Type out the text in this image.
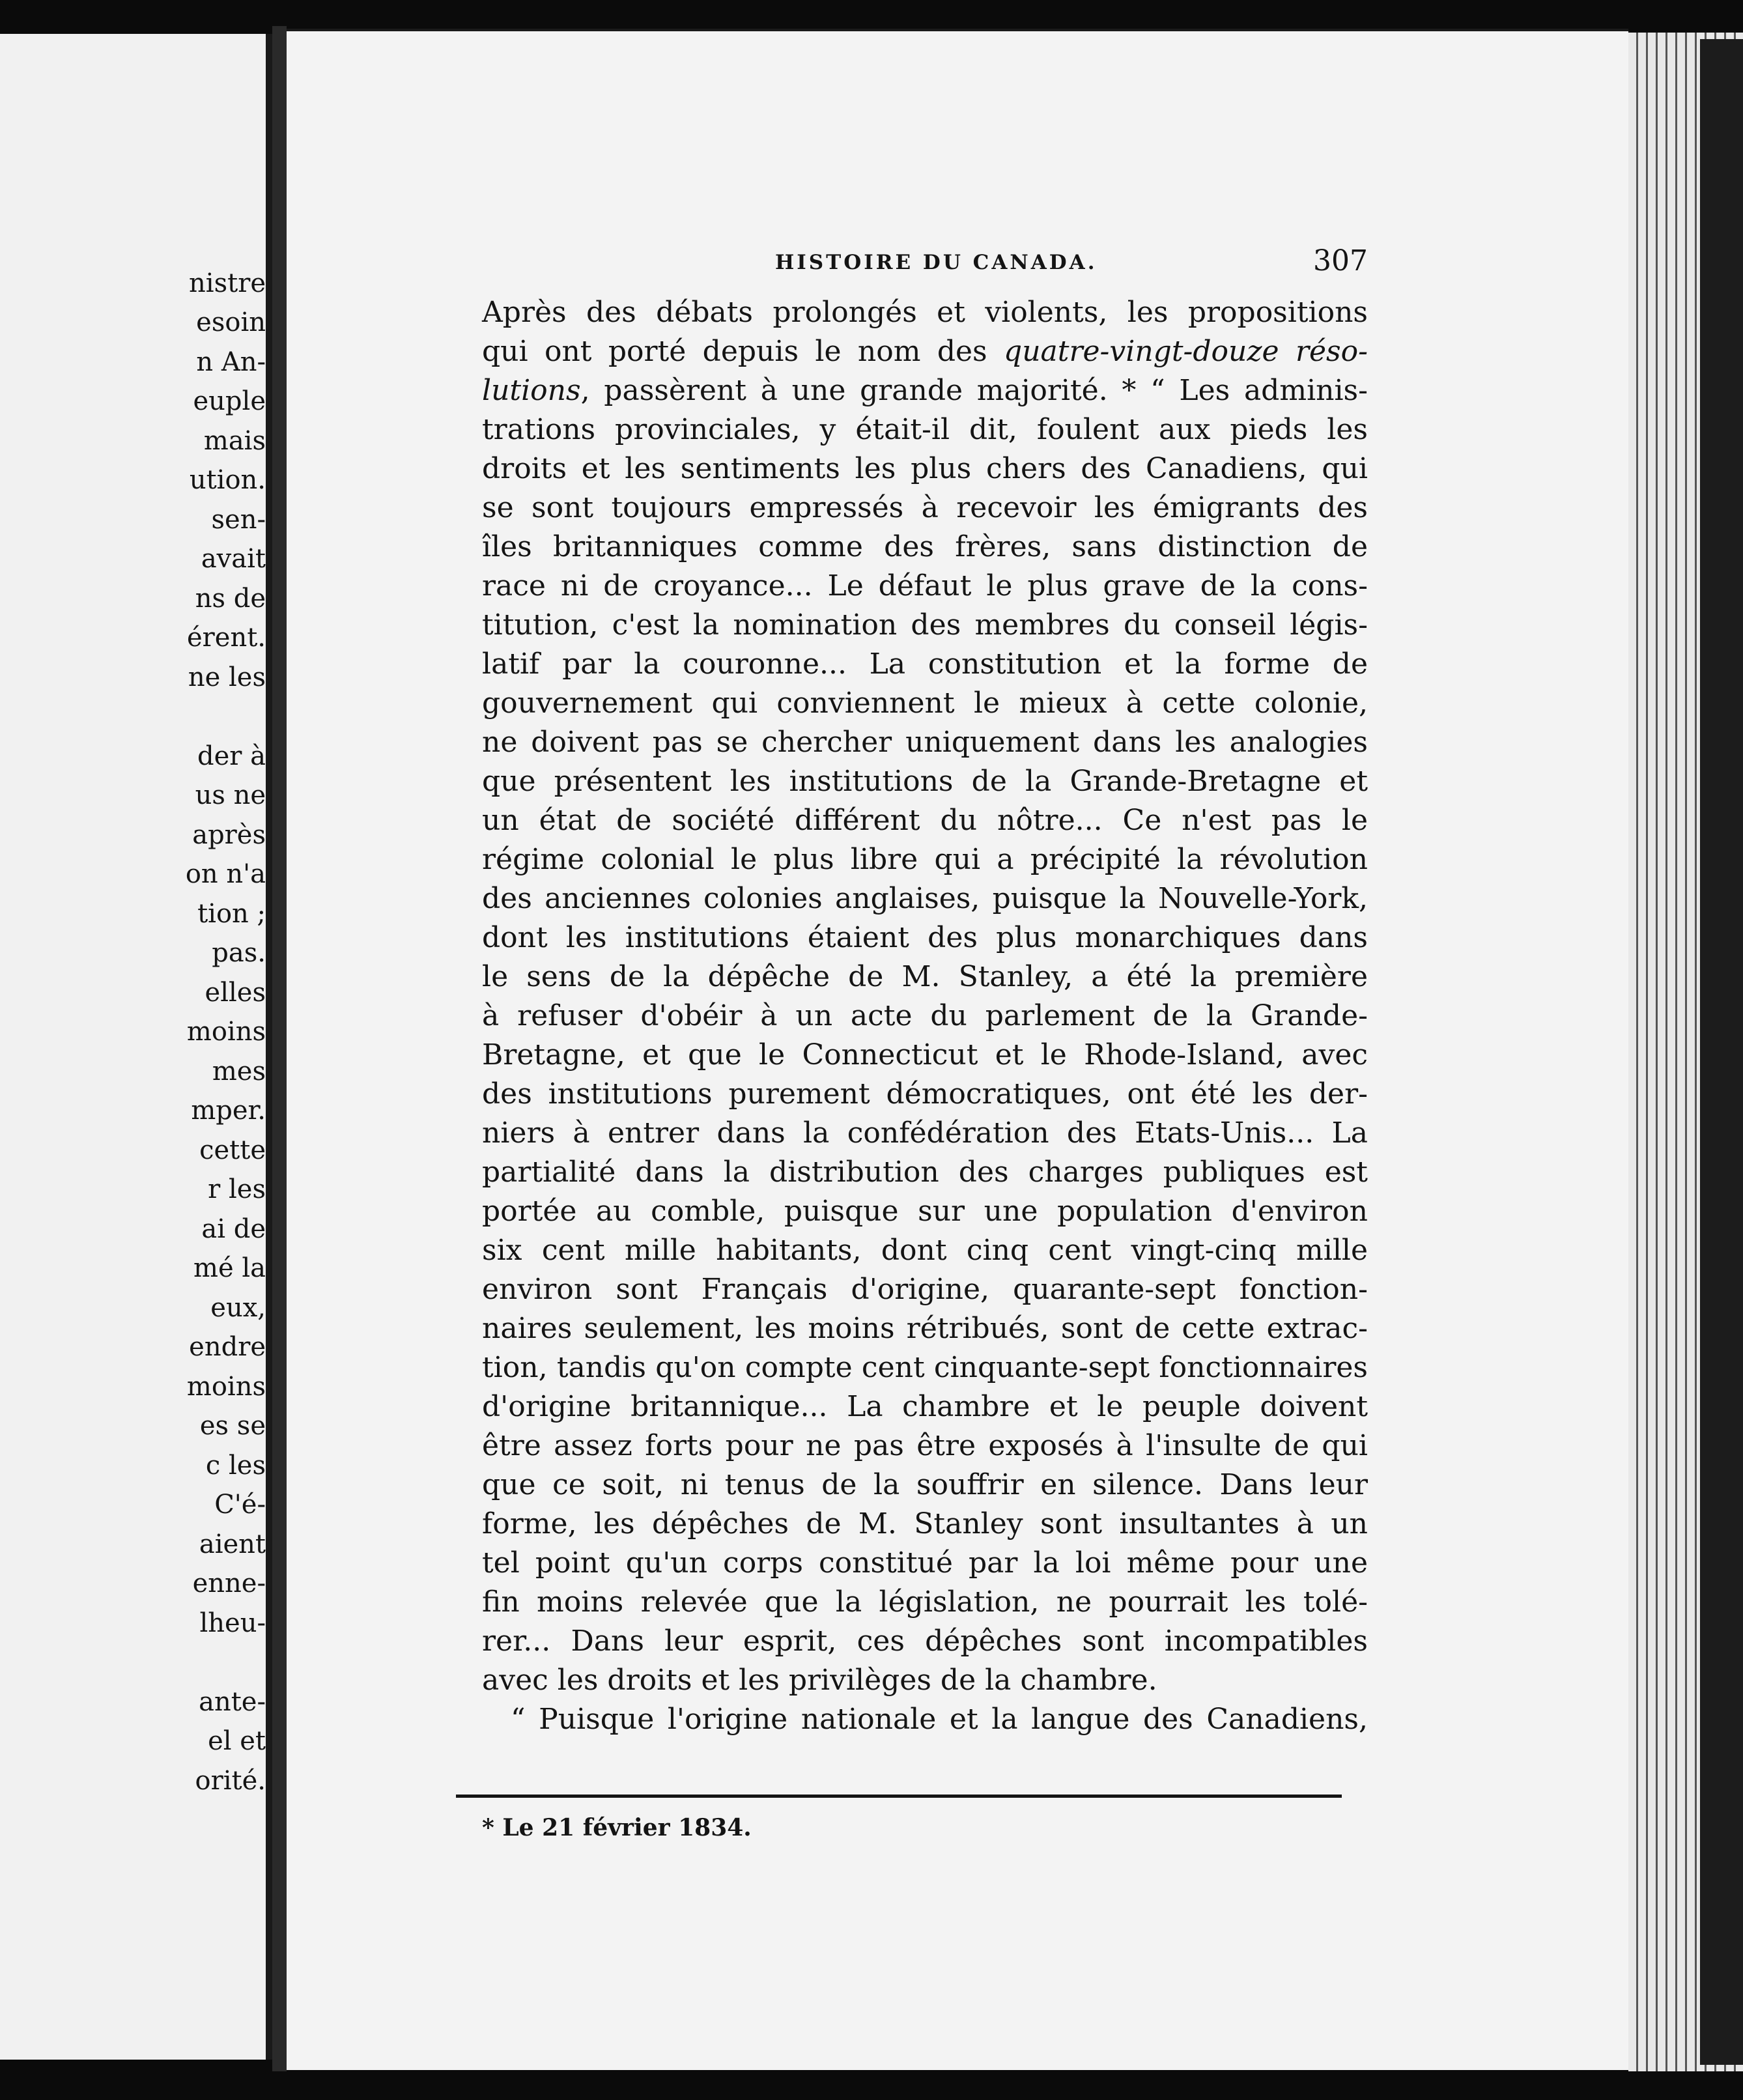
nistre
esoin
n An-
euple
mais
ution.
sen-
avait
ns de
érent.
ne les
der à
us ne
après
on n'a
tion ;
pas.
elles
moins
mes
mper.
cette
r les
ai de
mé la
eux,
endre
moins
es se
c les
C'é-
aient
enne-
lheu-
ante-
el et
orité.
HISTOIRE DU CANADA.	307
Après des débats prolongés et violents, les propositions
qui ont porté depuis le nom des quatre-vingt-douze réso-
lutions, passèrent à une grande majorité. * “ Les adminis-
trations provinciales, y était-il dit, foulent aux pieds les
droits et les sentiments les plus chers des Canadiens, qui
se sont toujours empressés à recevoir les émigrants des
îles britanniques comme des frères, sans distinction de
race ni de croyance... Le défaut le plus grave de la cons-
titution, c'est la nomination des membres du conseil légis-
latif par la couronne... La constitution et la forme de
gouvernement qui conviennent le mieux à cette colonie,
ne doivent pas se chercher uniquement dans les analogies
que présentent les institutions de la Grande-Bretagne et
un état de société différent du nôtre... Ce n'est pas le
régime colonial le plus libre qui a précipité la révolution
des anciennes colonies anglaises, puisque la Nouvelle-York,
dont les institutions étaient des plus monarchiques dans
le sens de la dépêche de M. Stanley, a été la première
à refuser d'obéir à un acte du parlement de la Grande-
Bretagne, et que le Connecticut et le Rhode-Island, avec
des institutions purement démocratiques, ont été les der-
niers à entrer dans la confédération des Etats-Unis... La
partialité dans la distribution des charges publiques est
portée au comble, puisque sur une population d'environ
six cent mille habitants, dont cinq cent vingt-cinq mille
environ sont Français d'origine, quarante-sept fonction-
naires seulement, les moins rétribués, sont de cette extrac-
tion, tandis qu'on compte cent cinquante-sept fonctionnaires
d'origine britannique... La chambre et le peuple doivent
être assez forts pour ne pas être exposés à l'insulte de qui
que ce soit, ni tenus de la souffrir en silence. Dans leur
forme, les dépêches de M. Stanley sont insultantes à un
tel point qu'un corps constitué par la loi même pour une
fin moins relevée que la législation, ne pourrait les tolé-
rer... Dans leur esprit, ces dépêches sont incompatibles
avec les droits et les privilèges de la chambre.
“ Puisque l'origine nationale et la langue des Canadiens,
* Le 21 février 1834.
